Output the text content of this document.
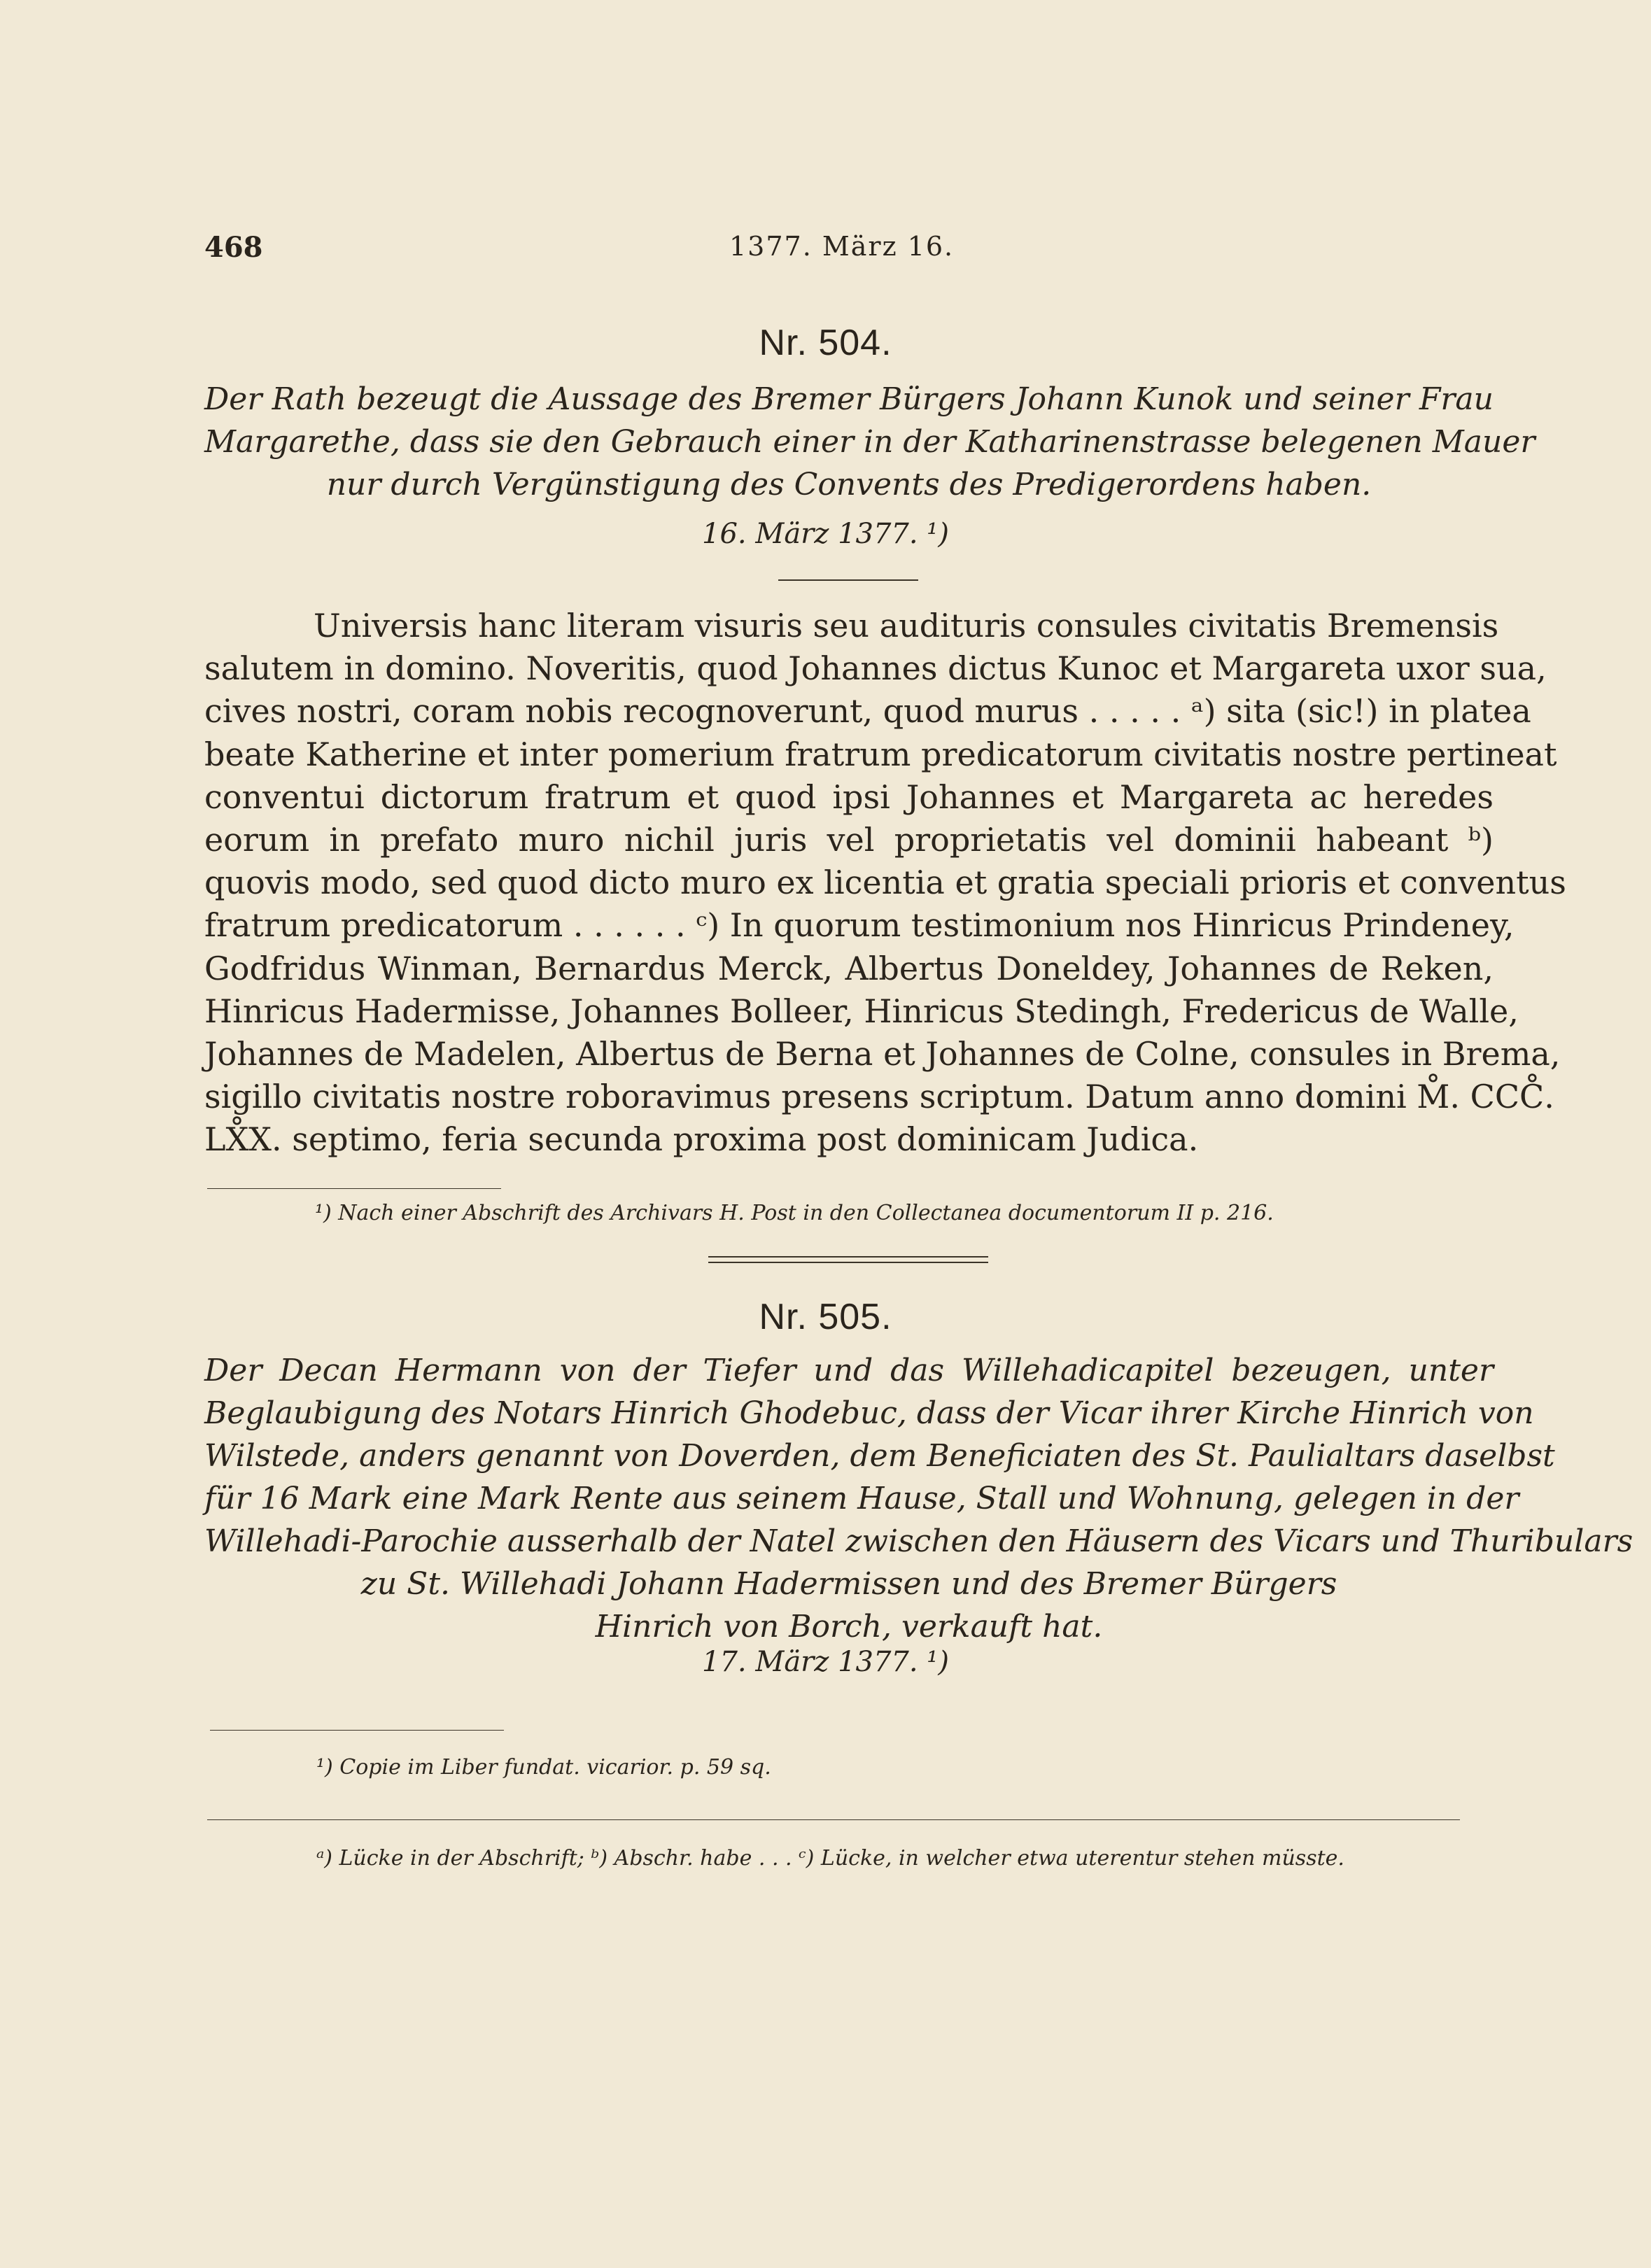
468	1377. März 16.
Nr. 504.
Der Rath bezeugt die Aussage des Bremer Bürgers Johann Kunok und seiner Frau
Margarethe, dass sie den Gebrauch einer in der Katharinenstrasse belegenen Mauer
nur durch Vergünstigung des Convents des Predigerordens haben.
16. März 1377. ¹)
Universis hanc literam visuris seu audituris consules civitatis Bremensis
salutem in domino. Noveritis, quod Johannes dictus Kunoc et Margareta uxor sua,
cives nostri, coram nobis recognoverunt, quod murus . . . . . ᵃ) sita (sic!) in platea
beate Katherine et inter pomerium fratrum predicatorum civitatis nostre pertineat
conventui dictorum fratrum et quod ipsi Johannes et Margareta ac heredes
eorum in prefato muro nichil juris vel proprietatis vel dominii habeant ᵇ)
quovis modo, sed quod dicto muro ex licentia et gratia speciali prioris et conventus
fratrum predicatorum . . . . . . ᶜ) In quorum testimonium nos Hinricus Prindeney,
Godfridus Winman, Bernardus Merck, Albertus Doneldey, Johannes de Reken,
Hinricus Hadermisse, Johannes Bolleer, Hinricus Stedingh, Fredericus de Walle,
Johannes de Madelen, Albertus de Berna et Johannes de Colne, consules in Brema,
sigillo civitatis nostre roboravimus presens scriptum. Datum anno domini M̊. CCC̊.
LX̊X. septimo, feria secunda proxima post dominicam Judica.
¹) Nach einer Abschrift des Archivars H. Post in den Collectanea documentorum II p. 216.
Nr. 505.
Der Decan Hermann von der Tiefer und das Willehadicapitel bezeugen, unter
Beglaubigung des Notars Hinrich Ghodebuc, dass der Vicar ihrer Kirche Hinrich von
Wilstede, anders genannt von Doverden, dem Beneficiaten des St. Paulialtars daselbst
für 16 Mark eine Mark Rente aus seinem Hause, Stall und Wohnung, gelegen in der
Willehadi-Parochie ausserhalb der Natel zwischen den Häusern des Vicars und Thuribulars
zu St. Willehadi Johann Hadermissen und des Bremer Bürgers
Hinrich von Borch, verkauft hat.
17. März 1377. ¹)
¹) Copie im Liber fundat. vicarior. p. 59 sq.
ᵃ) Lücke in der Abschrift; ᵇ) Abschr. habe . . . ᶜ) Lücke, in welcher etwa uterentur stehen müsste.
